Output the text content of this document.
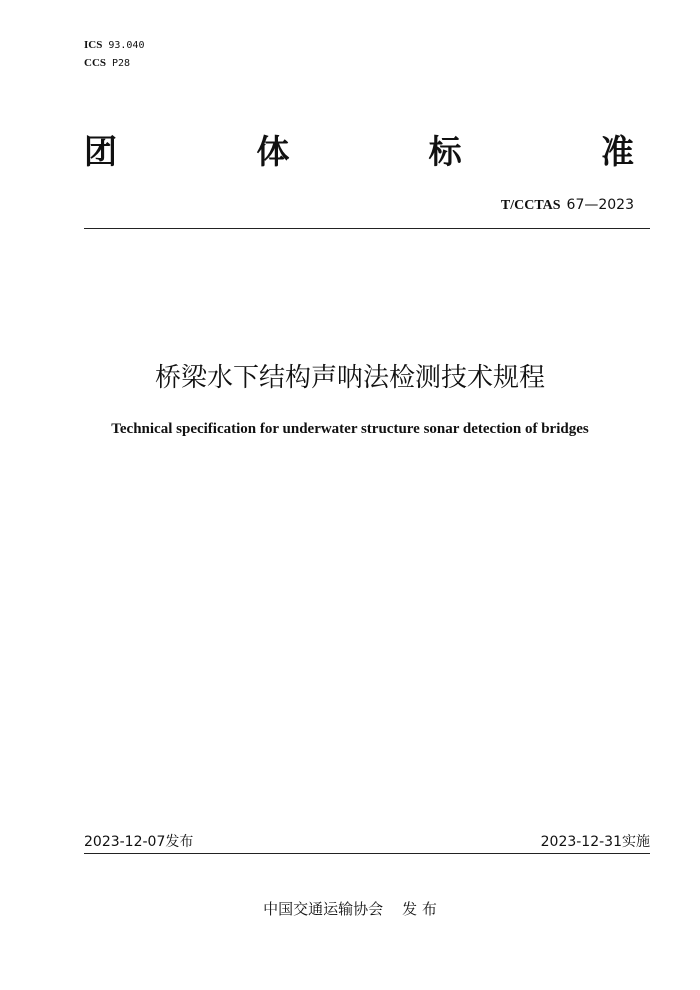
ICS 93.040
CCS P28
团	体	标	准
T/CCTAS 67—2023
桥梁水下结构声呐法检测技术规程
Technical specification for underwater structure sonar detection of bridges
2023-12-07发布	2023-12-31实施
中国交通运输协会    发 布
